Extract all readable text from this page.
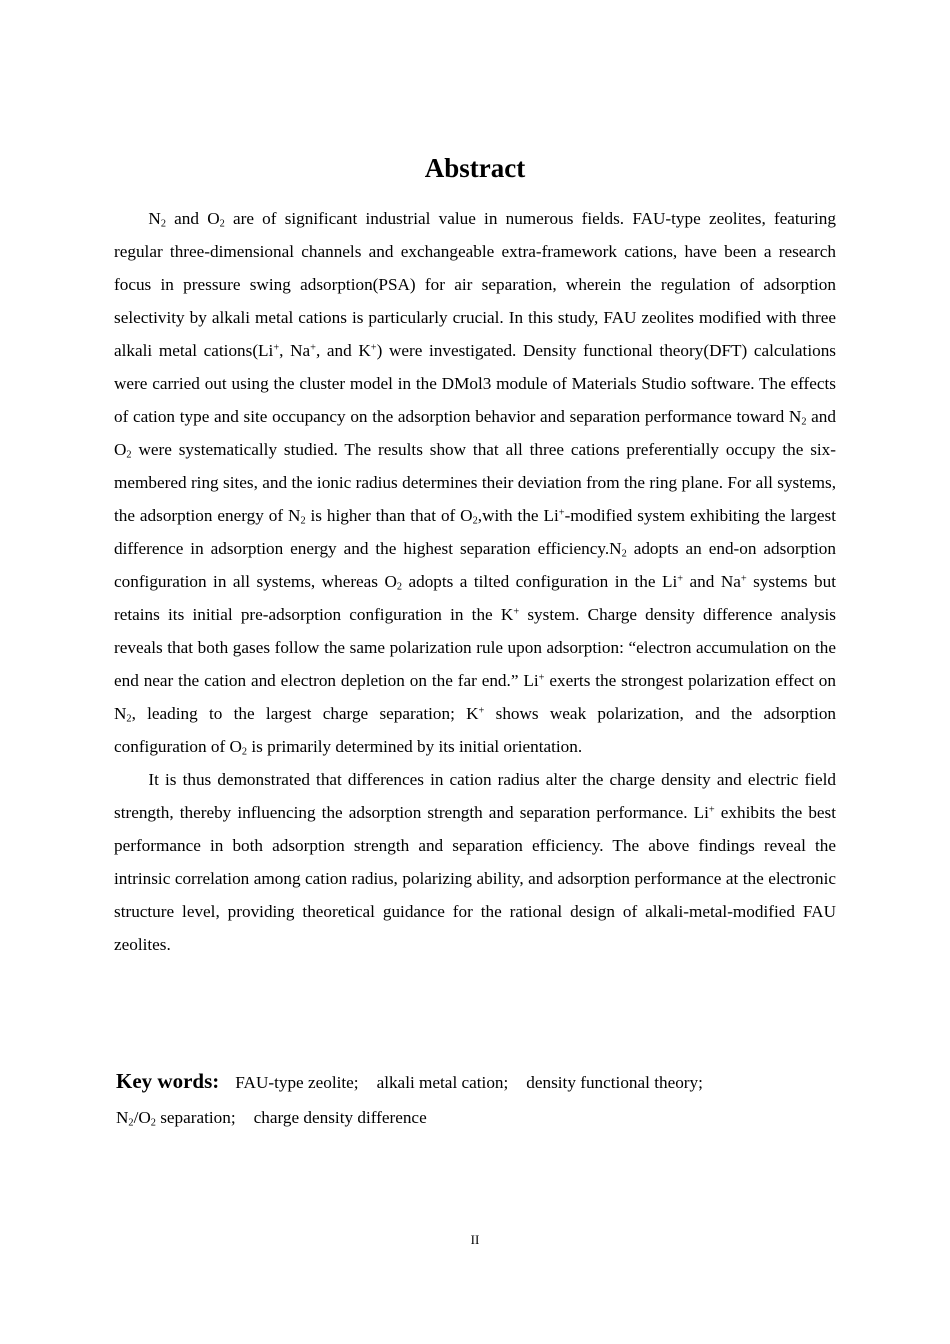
Abstract

$N_2$ and $O_2$ are of significant industrial value in numerous fields. FAU-type zeolites, featuring regular three-dimensional channels and exchangeable extra-framework cations, have been a research focus in pressure swing adsorption(PSA) for air separation, wherein the regulation of adsorption selectivity by alkali metal cations is particularly crucial. In this study, FAU zeolites modified with three alkali metal cations(Li+, Na+, and K+) were investigated. Density functional theory(DFT) calculations were carried out using the cluster model in the DMol3 module of Materials Studio software. The effects of cation type and site occupancy on the adsorption behavior and separation performance toward $N_2$ and $O_2$ were systematically studied. The results show that all three cations preferentially occupy the six-membered ring sites, and the ionic radius determines their deviation from the ring plane. For all systems, the adsorption energy of $N_2$ is higher than that of $O_2,with$ the Li+-modified system exhibiting the largest difference in adsorption energy and the highest separation $efficiency.N_2$ adopts an end-on adsorption configuration in all systems, whereas $O_2$ adopts a tilted configuration in the Li+ and Na+ systems but retains its initial pre-adsorption configuration in the K+ system. Charge density difference analysis reveals that both gases follow the same polarization rule upon adsorption: “electron accumulation on the end near the cation and electron depletion on the far end.” Li+ exerts the strongest polarization effect on $N_2$, leading to the largest charge separation; K+ shows weak polarization, and the adsorption configuration of $O_2$ is primarily determined by its initial orientation.

It is thus demonstrated that differences in cation radius alter the charge density and electric field strength, thereby influencing the adsorption strength and separation performance. Li+ exhibits the best performance in both adsorption strength and separation efficiency. The above findings reveal the intrinsic correlation among cation radius, polarizing ability, and adsorption performance at the electronic structure level, providing theoretical guidance for the rational design of alkali-metal-modified FAU zeolites.

Key words: FAU-type zeolite; alkali metal cation; density functional theory;
$N_2/O_2$ separation; charge density difference
II
